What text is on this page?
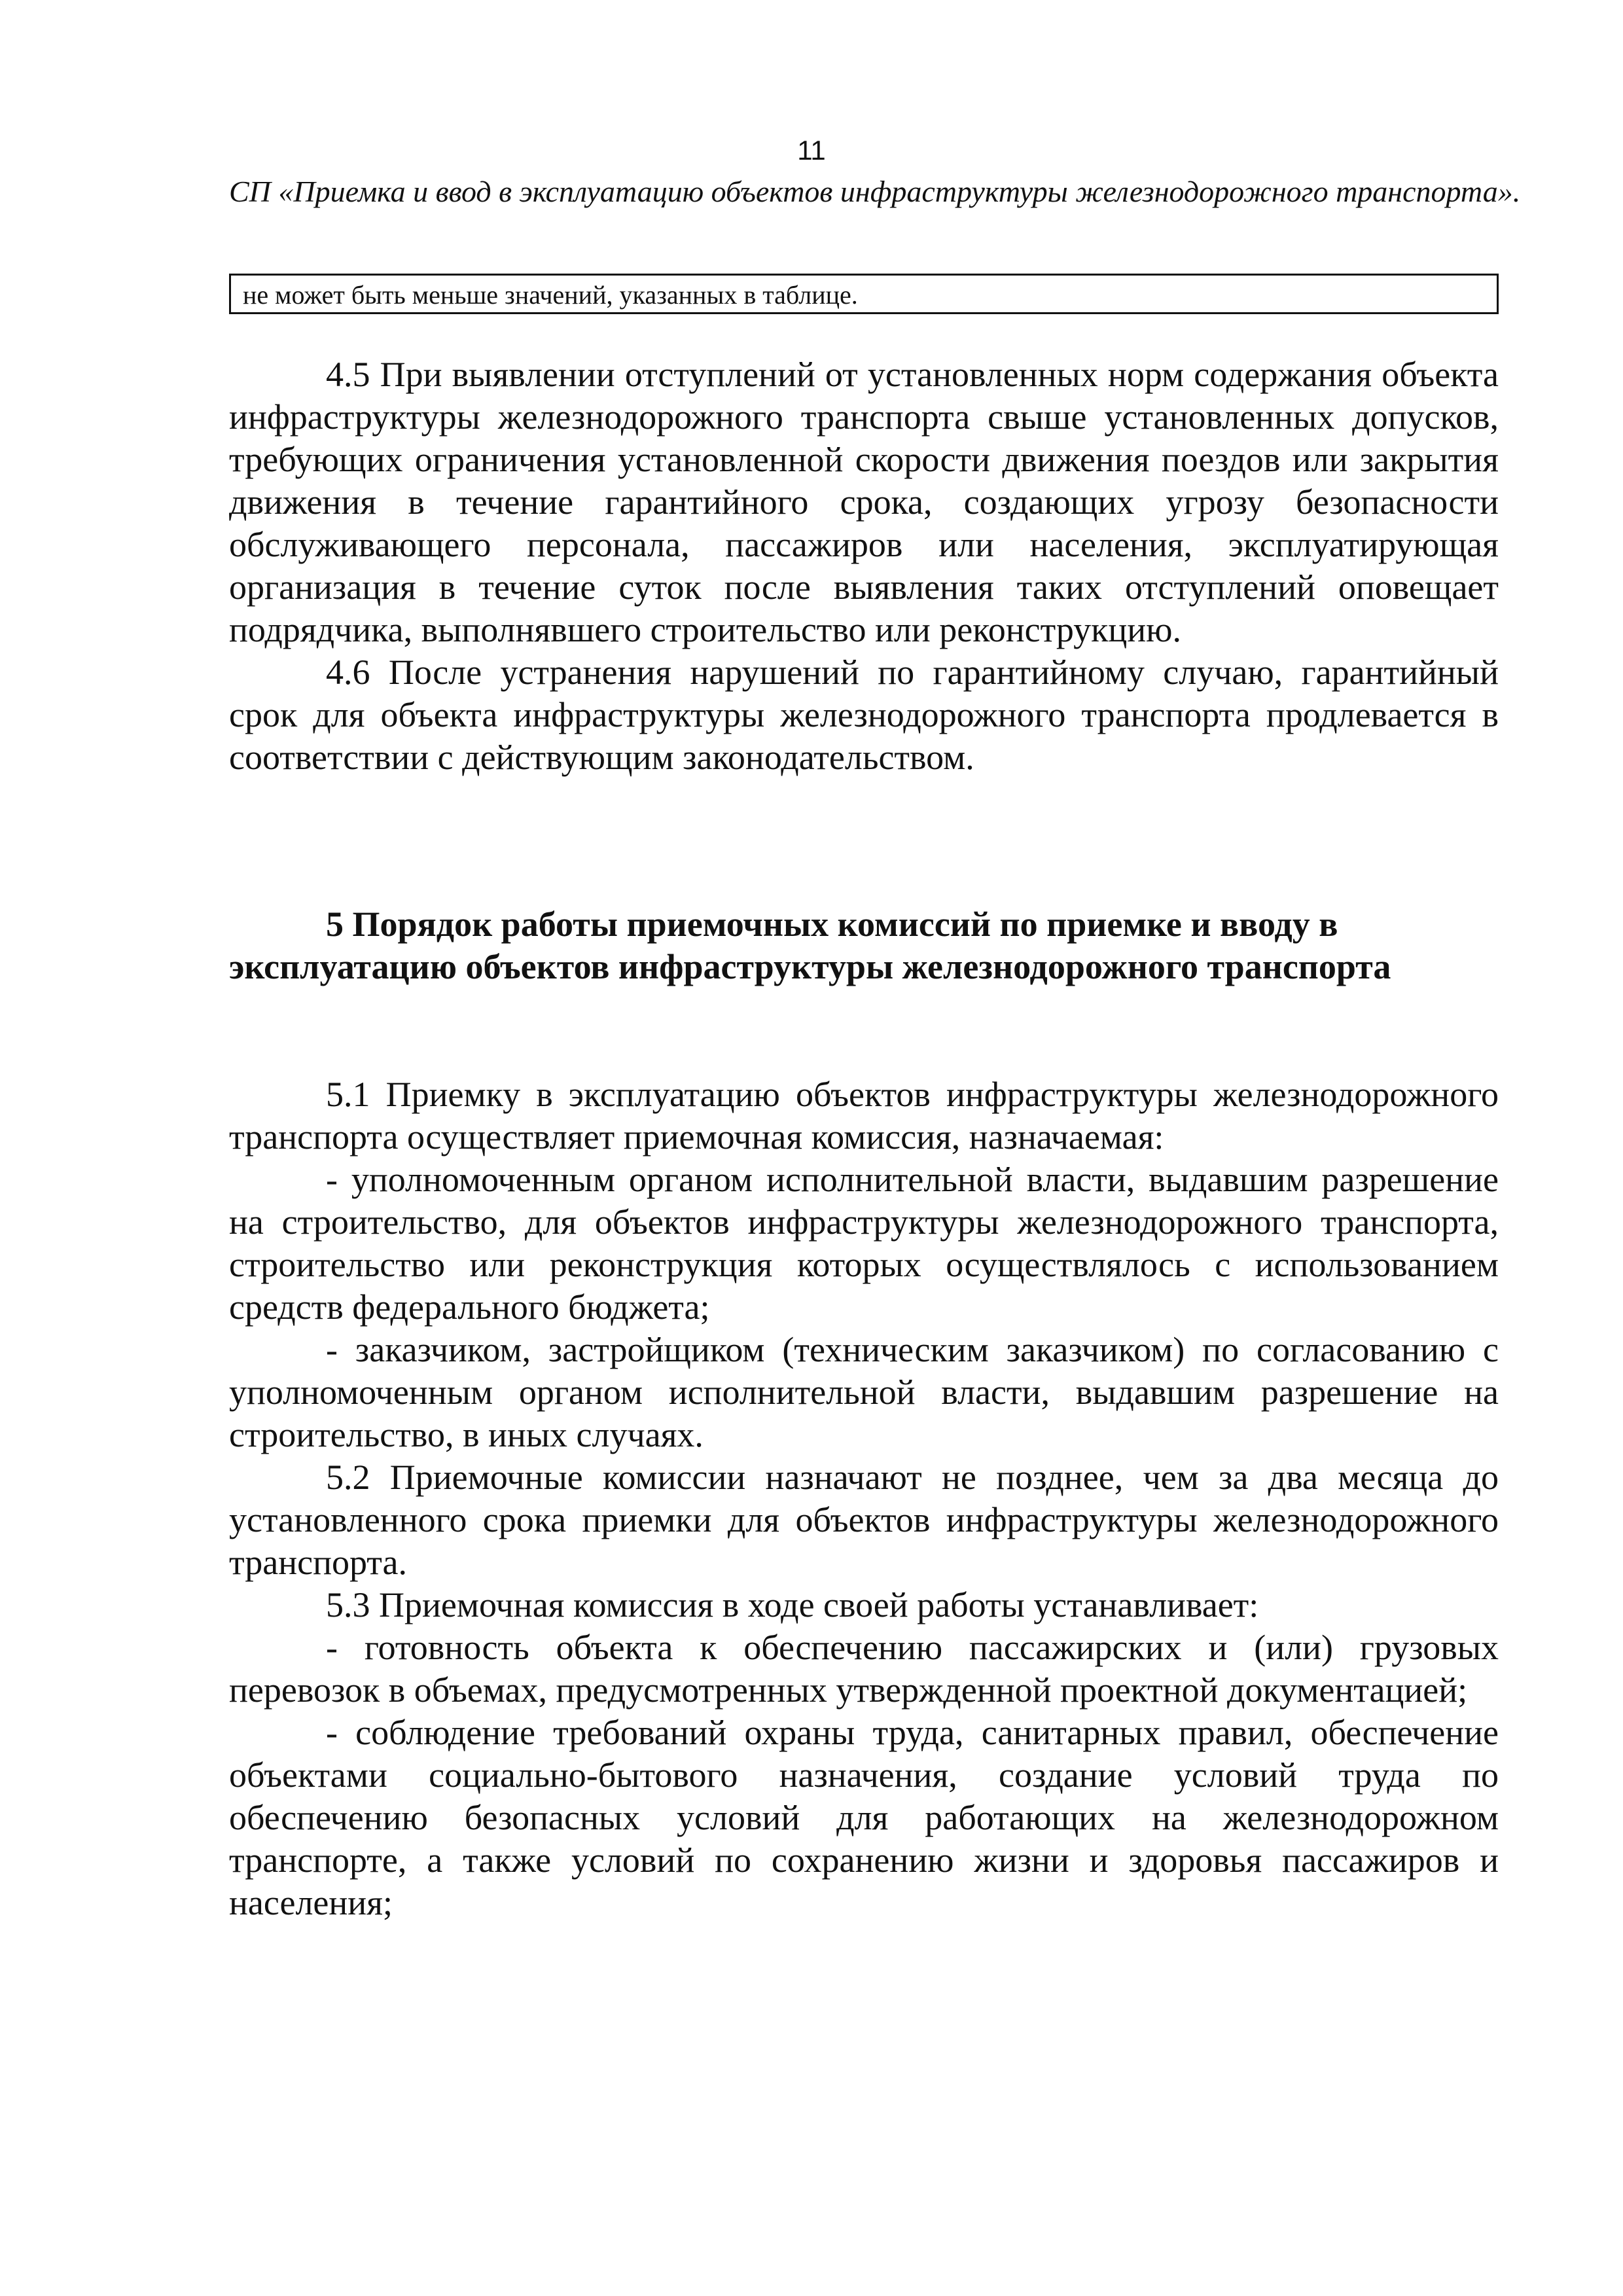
11
СП «Приемка и ввод в эксплуатацию объектов инфраструктуры железнодорожного транспорта».
не может быть меньше значений, указанных в таблице.

4.5 При выявлении отступлений от установленных норм содержания объекта инфраструктуры железнодорожного транспорта свыше установленных допусков, требующих ограничения установленной скорости движения поездов или закрытия движения в течение гарантийного срока, создающих угрозу безопасности обслуживающего персонала, пассажиров или населения, эксплуатирующая организация в течение суток после выявления таких отступлений оповещает подрядчика, выполнявшего строительство или реконструкцию.

4.6 После устранения нарушений по гарантийному случаю, гарантийный срок для объекта инфраструктуры железнодорожного транспорта продлевается в соответствии с действующим законодательством.

5 Порядок работы приемочных комиссий по приемке и вводу в
эксплуатацию объектов инфраструктуры железнодорожного транспорта

5.1 Приемку в эксплуатацию объектов инфраструктуры железнодорожного транспорта осуществляет приемочная комиссия, назначаемая:

- уполномоченным органом исполнительной власти, выдавшим разрешение на строительство, для объектов инфраструктуры железнодорожного транспорта, строительство или реконструкция которых осуществлялось с использованием средств федерального бюджета;

- заказчиком, застройщиком (техническим заказчиком) по согласованию с уполномоченным органом исполнительной власти, выдавшим разрешение на строительство, в иных случаях.

5.2 Приемочные комиссии назначают не позднее, чем за два месяца до установленного срока приемки для объектов инфраструктуры железнодорожного транспорта.

5.3 Приемочная комиссия в ходе своей работы устанавливает:

- готовность объекта к обеспечению пассажирских и (или) грузовых перевозок в объемах, предусмотренных утвержденной проектной документацией;

- соблюдение требований охраны труда, санитарных правил, обеспечение объектами социально-бытового назначения, создание условий труда по обеспечению безопасных условий для работающих на железнодорожном транспорте, а также условий по сохранению жизни и здоровья пассажиров и населения;
